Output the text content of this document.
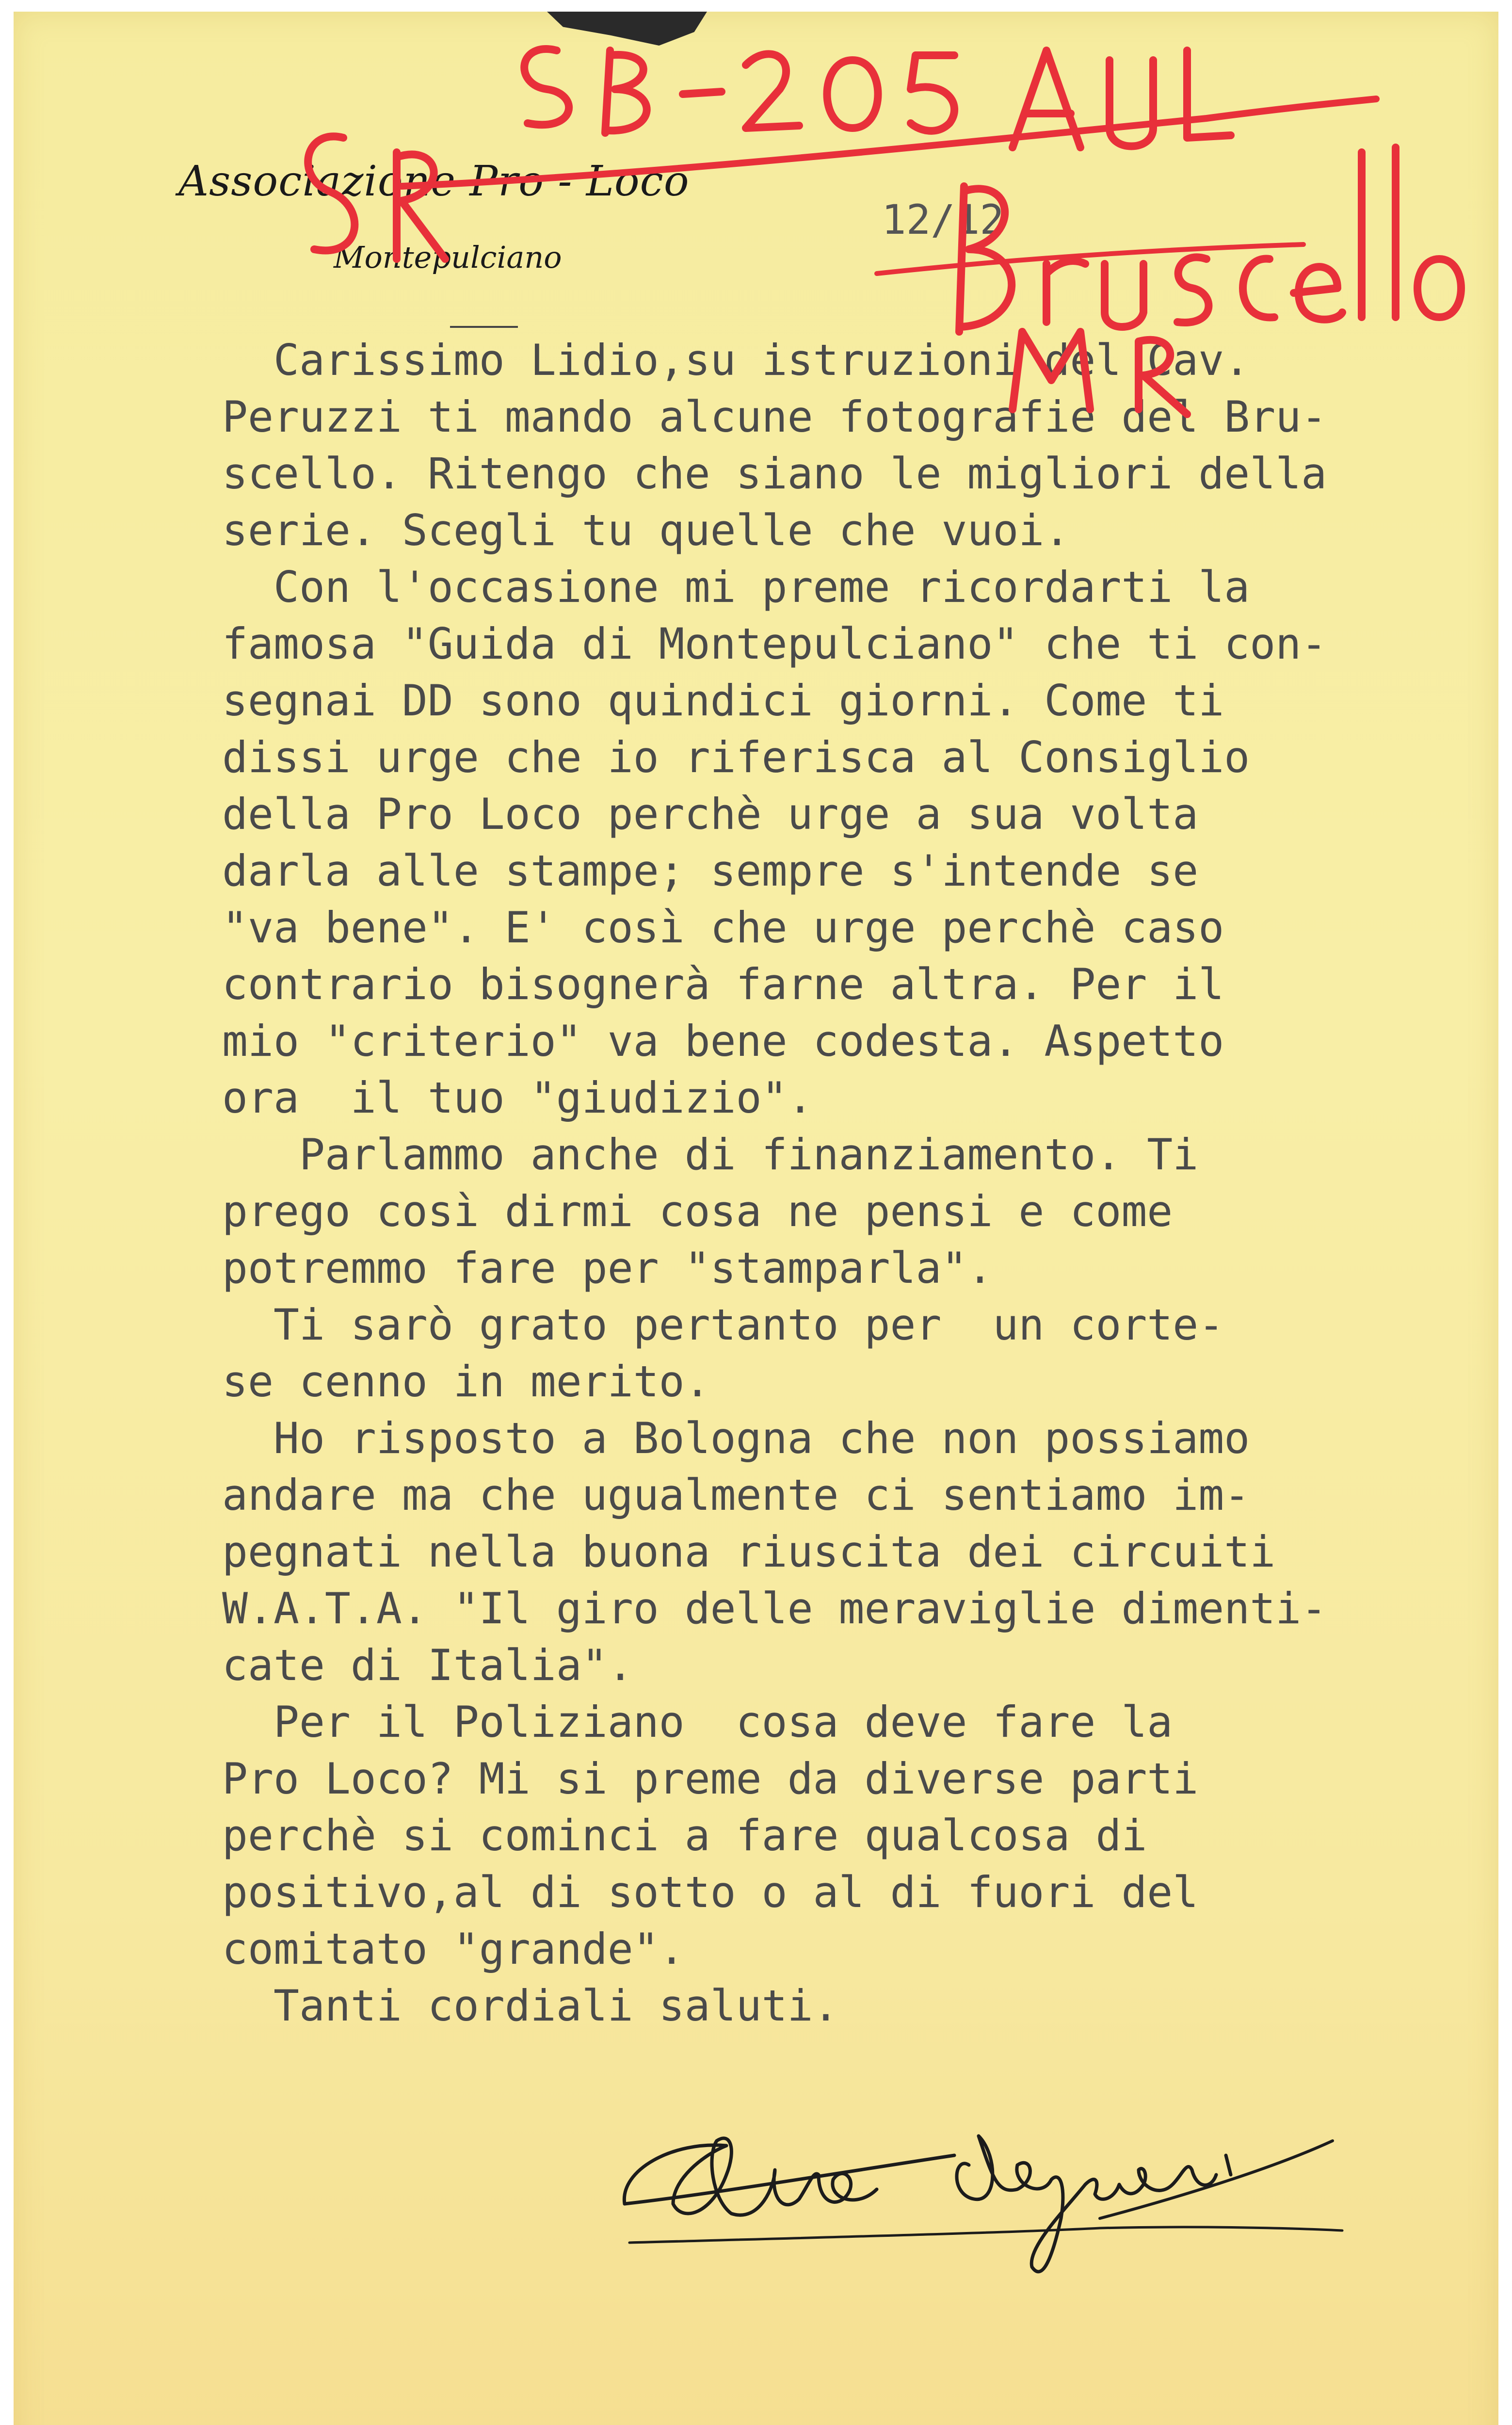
Associazione Pro - Loco
Montepulciano
12/12
Carissimo Lidio,su istruzioni del Cav.
Peruzzi ti mando alcune fotografie del Bru-
scello. Ritengo che siano le migliori della
serie. Scegli tu quelle che vuoi.
Con l'occasione mi preme ricordarti la
famosa "Guida di Montepulciano" che ti con-
segnai DD sono quindici giorni. Come ti
dissi urge che io riferisca al Consiglio
della Pro Loco perchè urge a sua volta
darla alle stampe; sempre s'intende se
"va bene". E' così che urge perchè caso
contrario bisognerà farne altra. Per il
mio "criterio" va bene codesta. Aspetto
ora  il tuo "giudizio".
Parlammo anche di finanziamento. Ti
prego così dirmi cosa ne pensi e come
potremmo fare per "stamparla".
Ti sarò grato pertanto per  un corte-
se cenno in merito.
Ho risposto a Bologna che non possiamo
andare ma che ugualmente ci sentiamo im-
pegnati nella buona riuscita dei circuiti
W.A.T.A. "Il giro delle meraviglie dimenti-
cate di Italia".
Per il Poliziano  cosa deve fare la
Pro Loco? Mi si preme da diverse parti
perchè si cominci a fare qualcosa di
positivo,al di sotto o al di fuori del
comitato "grande".
Tanti cordiali saluti.
